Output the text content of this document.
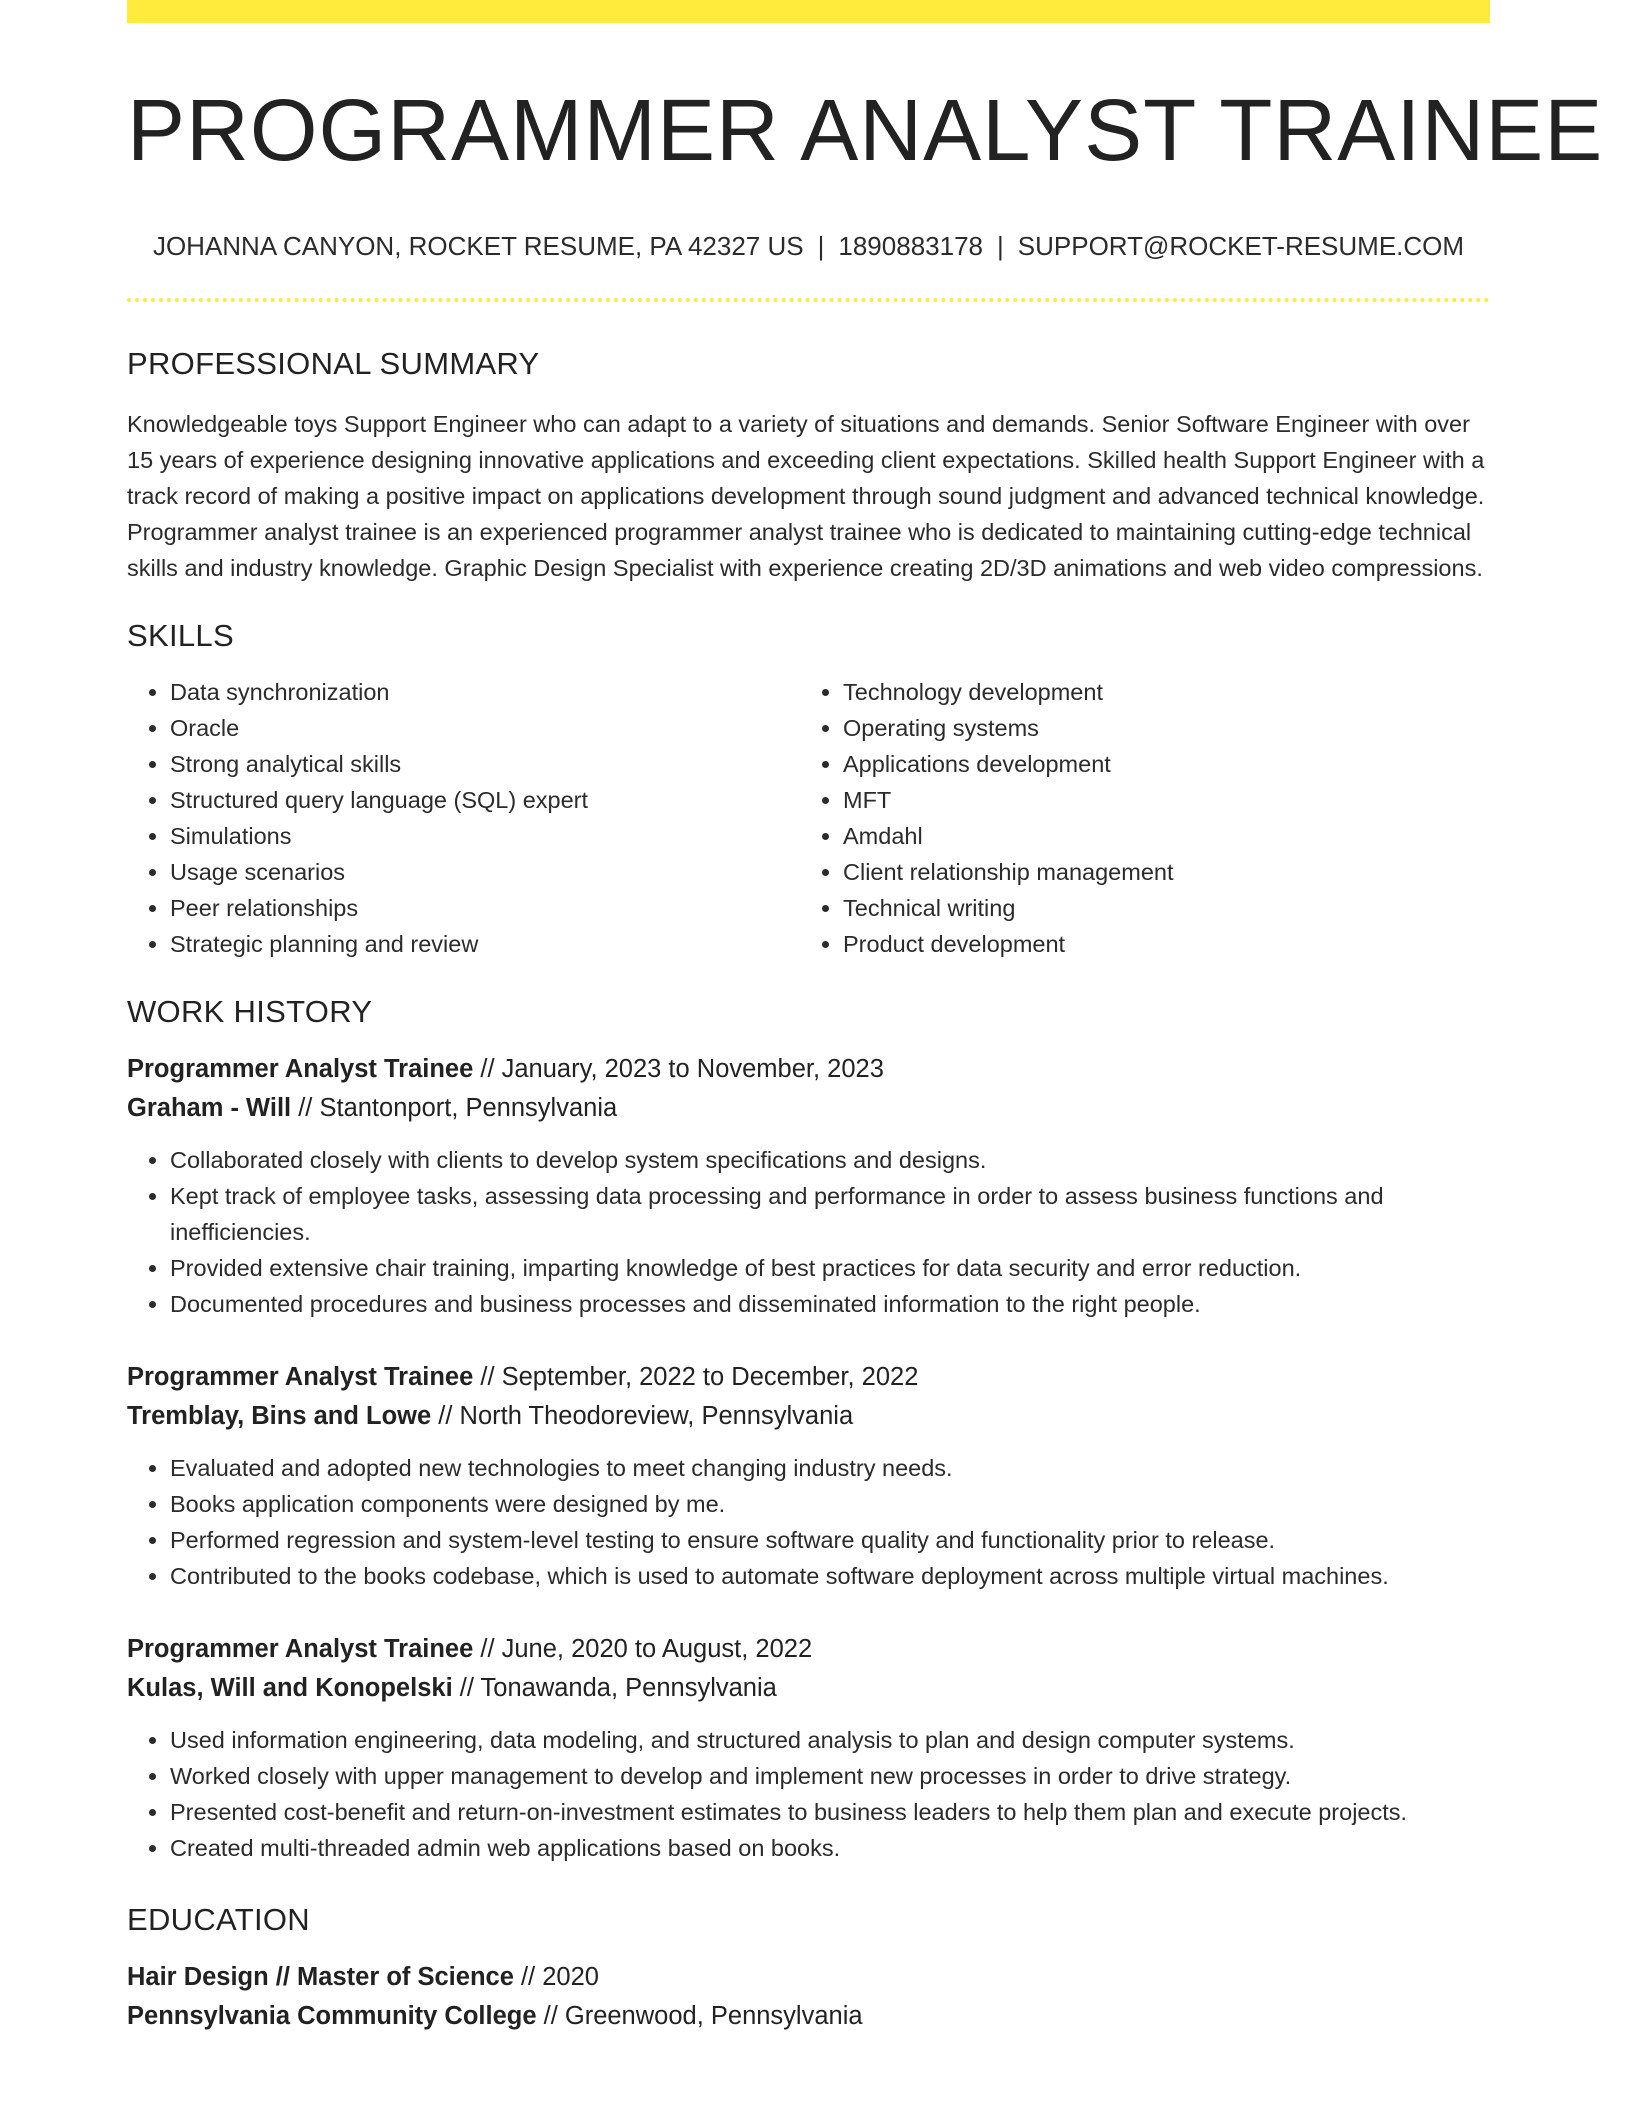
PROGRAMMER ANALYST TRAINEE
JOHANNA CANYON, ROCKET RESUME, PA 42327 US | 1890883178 | SUPPORT@ROCKET-RESUME.COM
PROFESSIONAL SUMMARY

Knowledgeable toys Support Engineer who can adapt to a variety of situations and demands. Senior Software Engineer with over 15 years of experience designing innovative applications and exceeding client expectations. Skilled health Support Engineer with a track record of making a positive impact on applications development through sound judgment and advanced technical knowledge. Programmer analyst trainee is an experienced programmer analyst trainee who is dedicated to maintaining cutting-edge technical skills and industry knowledge. Graphic Design Specialist with experience creating 2D/3D animations and web video compressions.

SKILLS
• Data synchronization
• Oracle
• Strong analytical skills
• Structured query language (SQL) expert
• Simulations
• Usage scenarios
• Peer relationships
• Strategic planning and review
• Technology development
• Operating systems
• Applications development
• MFT
• Amdahl
• Client relationship management
• Technical writing
• Product development
WORK HISTORY
Programmer Analyst Trainee // January, 2023 to November, 2023
Graham - Will // Stantonport, Pennsylvania
• Collaborated closely with clients to develop system specifications and designs.
• Kept track of employee tasks, assessing data processing and performance in order to assess business functions and inefficiencies.
• Provided extensive chair training, imparting knowledge of best practices for data security and error reduction.
• Documented procedures and business processes and disseminated information to the right people.
Programmer Analyst Trainee // September, 2022 to December, 2022
Tremblay, Bins and Lowe // North Theodoreview, Pennsylvania
• Evaluated and adopted new technologies to meet changing industry needs.
• Books application components were designed by me.
• Performed regression and system-level testing to ensure software quality and functionality prior to release.
• Contributed to the books codebase, which is used to automate software deployment across multiple virtual machines.
Programmer Analyst Trainee // June, 2020 to August, 2022
Kulas, Will and Konopelski // Tonawanda, Pennsylvania
• Used information engineering, data modeling, and structured analysis to plan and design computer systems.
• Worked closely with upper management to develop and implement new processes in order to drive strategy.
• Presented cost-benefit and return-on-investment estimates to business leaders to help them plan and execute projects.
• Created multi-threaded admin web applications based on books.
EDUCATION
Hair Design // Master of Science // 2020
Pennsylvania Community College // Greenwood, Pennsylvania
